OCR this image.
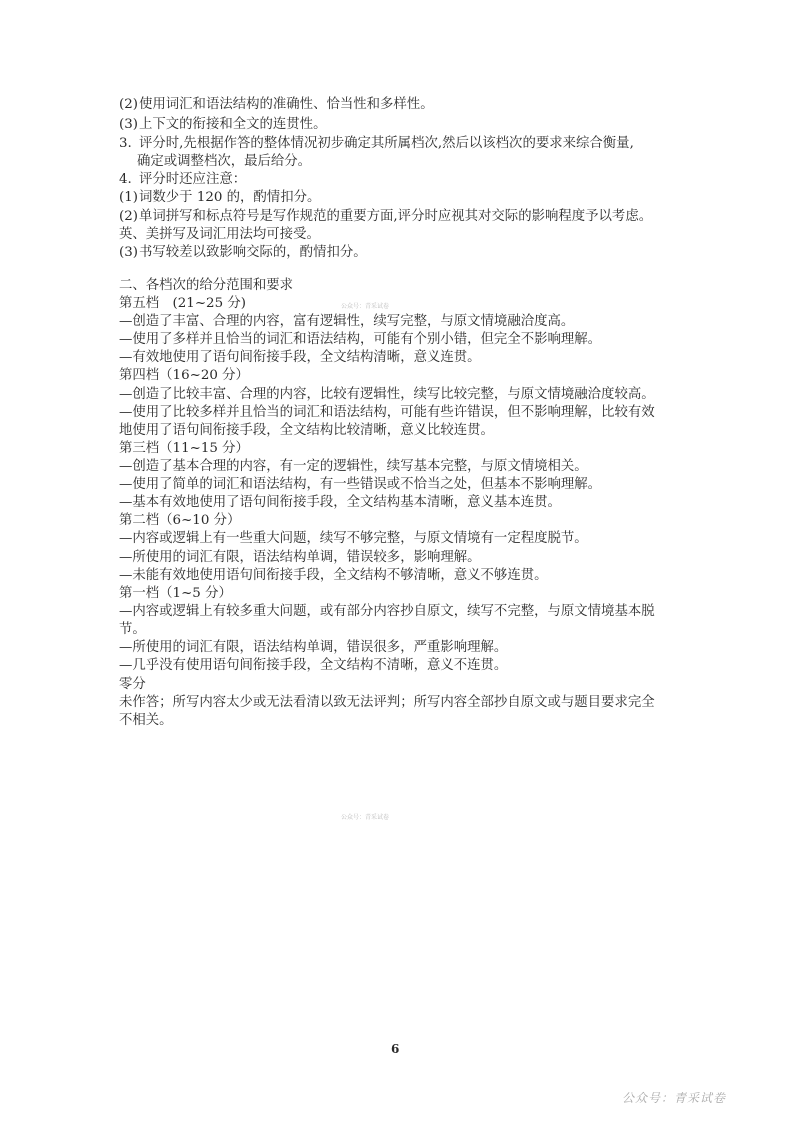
(2)使用词汇和语法结构的准确性、恰当性和多样性。
(3)上下文的衔接和全文的连贯性。
3. 评分时,先根据作答的整体情况初步确定其所属档次,然后以该档次的要求来综合衡量,
确定或调整档次，最后给分。
4. 评分时还应注意：
(1)词数少于 120 的，酌情扣分。
(2)单词拼写和标点符号是写作规范的重要方面,评分时应视其对交际的影响程度予以考虑。
英、美拼写及词汇用法均可接受。
(3)书写较差以致影响交际的，酌情扣分。
二、各档次的给分范围和要求
第五档　(21~25 分)
—创造了丰富、合理的内容，富有逻辑性，续写完整，与原文情境融洽度高。
—使用了多样并且恰当的词汇和语法结构，可能有个别小错，但完全不影响理解。
—有效地使用了语句间衔接手段，全文结构清晰，意义连贯。
第四档（16~20 分）
—创造了比较丰富、合理的内容，比较有逻辑性，续写比较完整，与原文情境融洽度较高。
—使用了比较多样并且恰当的词汇和语法结构，可能有些许错误，但不影响理解，比较有效
地使用了语句间衔接手段，全文结构比较清晰，意义比较连贯。
第三档（11~15 分）
—创造了基本合理的内容，有一定的逻辑性，续写基本完整，与原文情境相关。
—使用了简单的词汇和语法结构，有一些错误或不恰当之处，但基本不影响理解。
—基本有效地使用了语句间衔接手段，全文结构基本清晰，意义基本连贯。
第二档（6~10 分）
—内容或逻辑上有一些重大问题，续写不够完整，与原文情境有一定程度脱节。
—所使用的词汇有限，语法结构单调，错误较多，影响理解。
—未能有效地使用语句间衔接手段，全文结构不够清晰，意义不够连贯。
第一档（1~5 分）
—内容或逻辑上有较多重大问题，或有部分内容抄自原文，续写不完整，与原文情境基本脱
节。
—所使用的词汇有限，语法结构单调，错误很多，严重影响理解。
—几乎没有使用语句间衔接手段，全文结构不清晰，意义不连贯。
零分
未作答；所写内容太少或无法看清以致无法评判；所写内容全部抄自原文或与题目要求完全
不相关。
公众号：青采试卷
公众号：青采试卷
6
公众号：青采试卷
